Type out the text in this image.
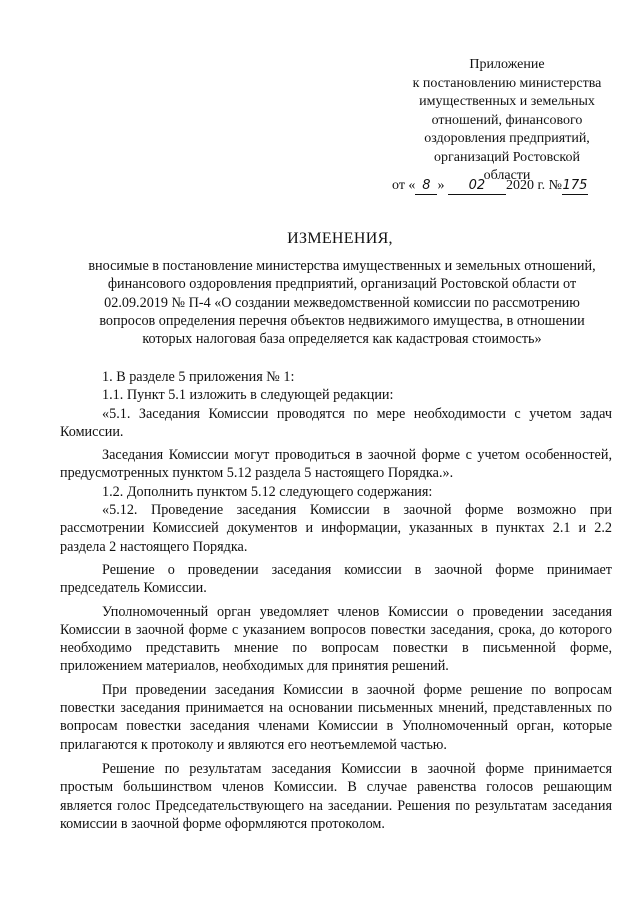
Приложение
к постановлению министерства
имущественных и земельных
отношений, финансового
оздоровления предприятий,
организаций Ростовской
области
от « 8 » 02 2020 г. №175
ИЗМЕНЕНИЯ,
вносимые в постановление министерства имущественных и земельных отношений,
финансового оздоровления предприятий, организаций Ростовской области от
02.09.2019 № П-4 «О создании межведомственной комиссии по рассмотрению
вопросов определения перечня объектов недвижимого имущества, в отношении
которых налоговая база определяется как кадастровая стоимость»

1. В разделе 5 приложения № 1:

1.1. Пункт 5.1 изложить в следующей редакции:

«5.1. Заседания Комиссии проводятся по мере необходимости с учетом задач Комиссии.

Заседания Комиссии могут проводиться в заочной форме с учетом особенностей, предусмотренных пунктом 5.12 раздела 5 настоящего Порядка.».

1.2. Дополнить пунктом 5.12 следующего содержания:

«5.12. Проведение заседания Комиссии в заочной форме возможно при рассмотрении Комиссией документов и информации, указанных в пунктах 2.1 и 2.2 раздела 2 настоящего Порядка.

Решение о проведении заседания комиссии в заочной форме принимает председатель Комиссии.

Уполномоченный орган уведомляет членов Комиссии о проведении заседания Комиссии в заочной форме с указанием вопросов повестки заседания, срока, до которого необходимо представить мнение по вопросам повестки в письменной форме, приложением материалов, необходимых для принятия решений.

При проведении заседания Комиссии в заочной форме решение по вопросам повестки заседания принимается на основании письменных мнений, представленных по вопросам повестки заседания членами Комиссии в Уполномоченный орган, которые прилагаются к протоколу и являются его неотъемлемой частью.

Решение по результатам заседания Комиссии в заочной форме принимается простым большинством членов Комиссии. В случае равенства голосов решающим является голос Председательствующего на заседании. Решения по результатам заседания комиссии в заочной форме оформляются протоколом.
